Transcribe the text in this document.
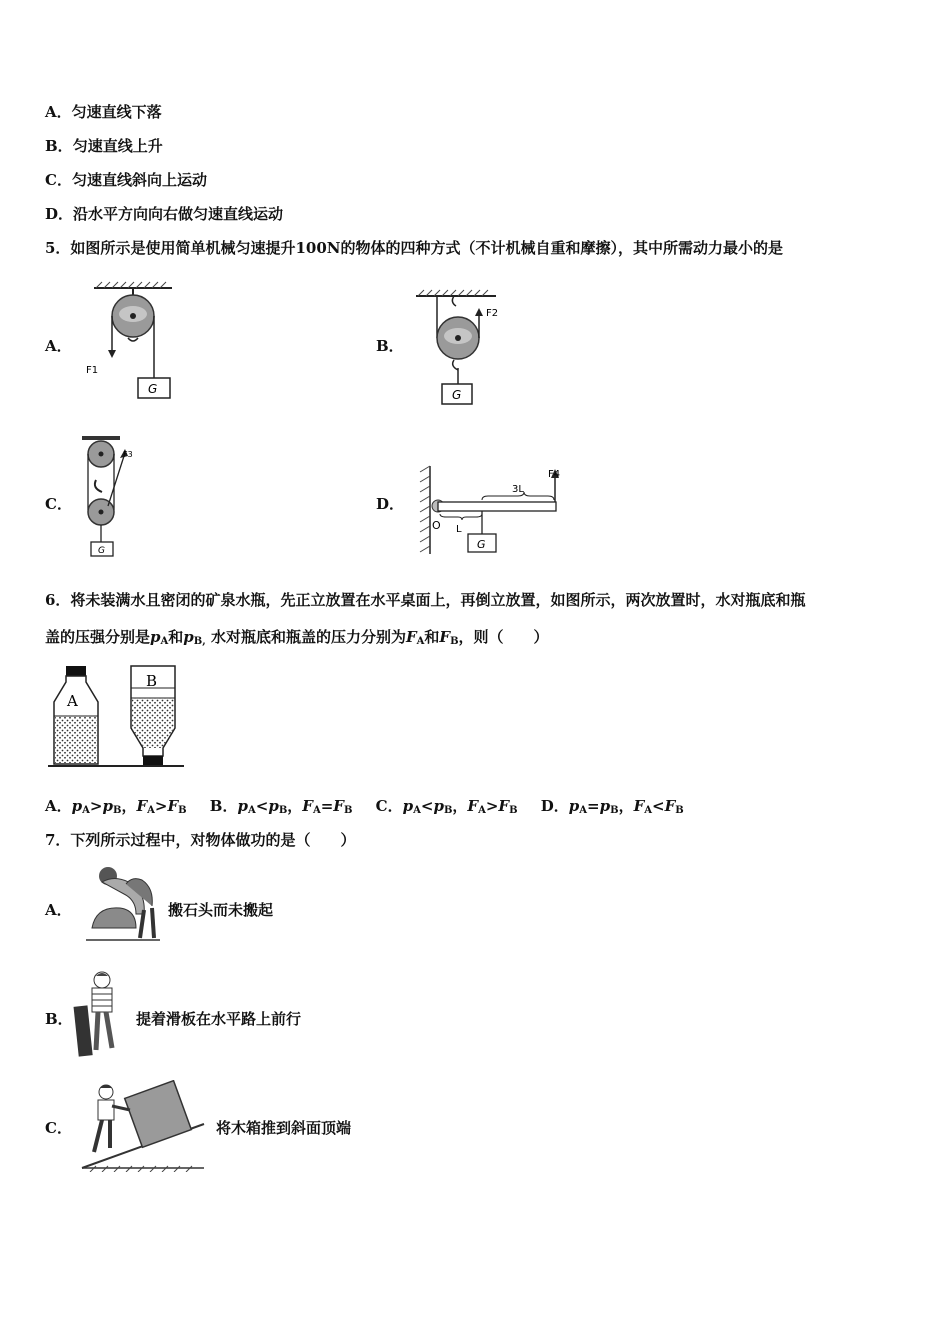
A．匀速直线下落
B．匀速直线上升
C．匀速直线斜向上运动
D．沿水平方向向右做匀速直线运动
5．如图所示是使用简单机械匀速提升100N的物体的四种方式（不计机械自重和摩擦），其中所需动力最小的是
A．	B．
C．	D．
G
F1
F2
G
F3
G
F4
3L
L
O
G
6．将未装满水且密闭的矿泉水瓶，先正立放置在水平桌面上，再倒立放置，如图所示，两次放置时，水对瓶底和瓶
盖的压强分别是$p_A$和$p_{B,}$ 水对瓶底和瓶盖的压力分别为$F_A$和$F_B$，则（　　）
A
B
A．$p_A>p_B$，$F_A>F_B$ B．$p_A<p_B$，$F_A=F_B$ C．$p_A<p_B$，$F_A>F_B$ D．$p_A=p_B$，$F_A<F_B$
7．下列所示过程中，对物体做功的是（　　）
A．	搬石头而未搬起
B．	提着滑板在水平路上前行
C．	将木箱推到斜面顶端
